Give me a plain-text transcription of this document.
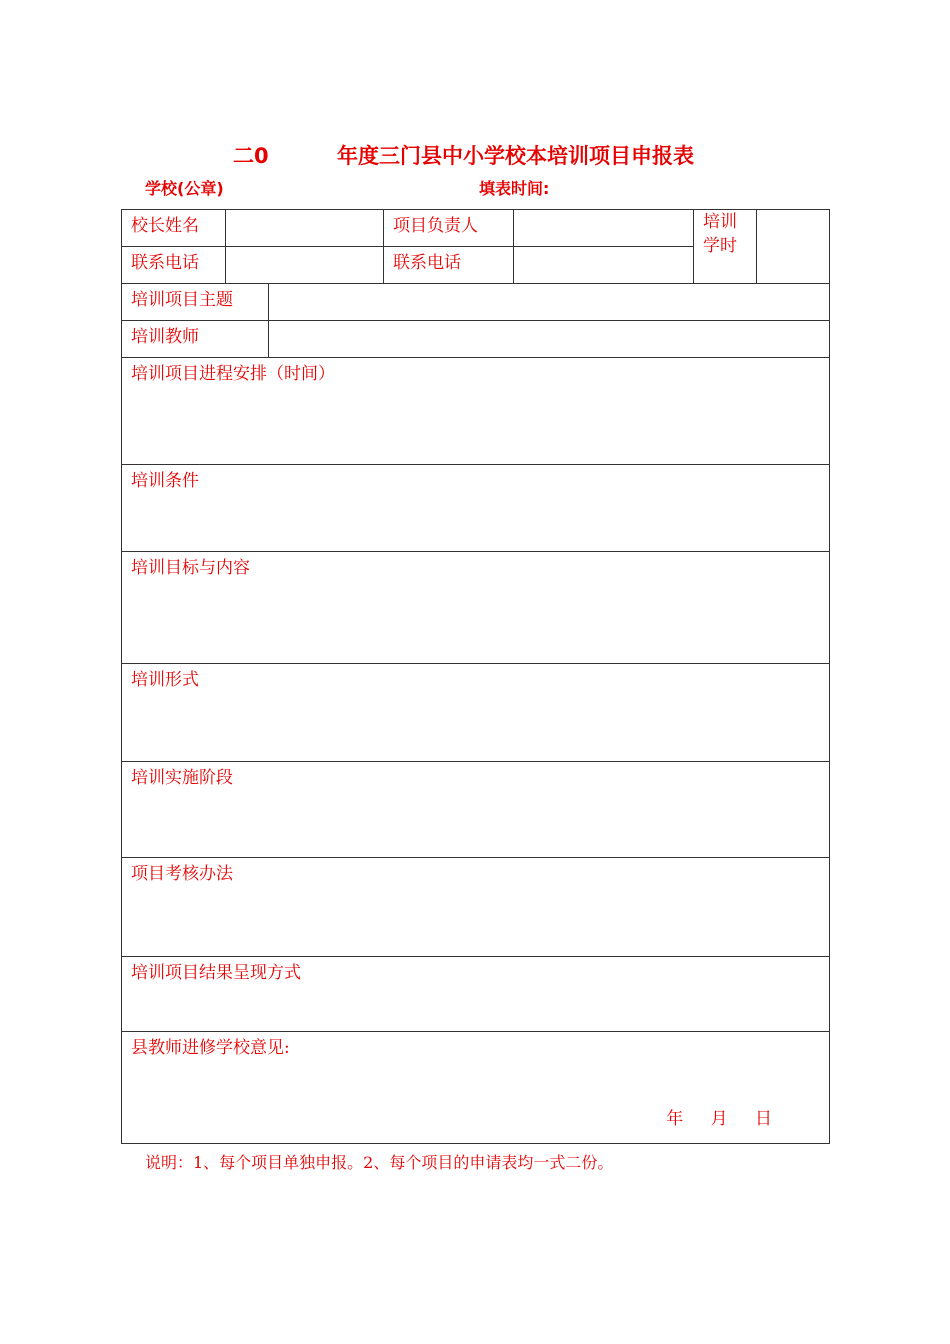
二0	年度三门县中小学校本培训项目申报表
学校(公章)	填表时间:
校长姓名			项目负责人		培训
学时	

联系电话			联系电话			
培训项目主题						
培训教师						
培训项目进程安排（时间）						
培训条件						
培训目标与内容						
培训形式						
培训实施阶段						
项目考核办法						
培训项目结果呈现方式						

县教师进修学校意见:
年 月 日						
说明：1、每个项目单独申报。2、每个项目的申请表均一式二份。
